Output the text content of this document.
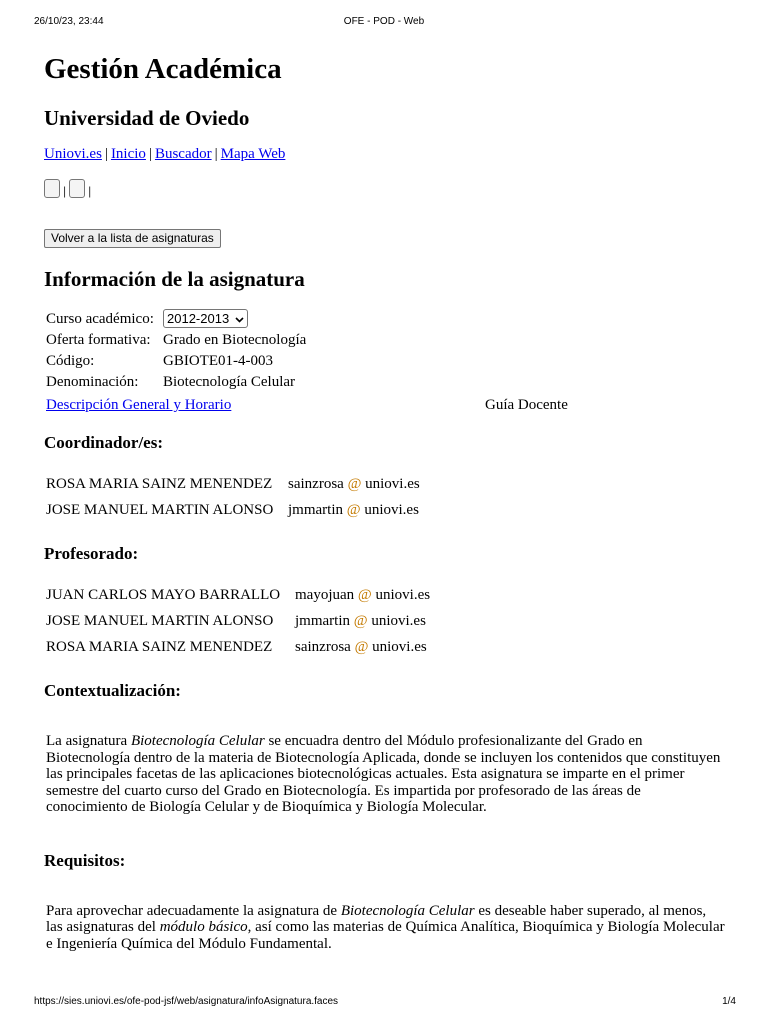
26/10/23, 23:44	OFE - POD - Web
Gestión Académica
Universidad de Oviedo
Uniovi.es | Inicio | Buscador | Mapa Web
| |
Volver a la lista de asignaturas
Información de la asignatura
Curso académico:	2012-2013

Oferta formativa:	Grado en Biotecnología
Código:	GBIOTE01-4-003
Denominación:	Biotecnología Celular
Descripción General y Horario	Guía Docente
Coordinador/es:
ROSA MARIA SAINZ MENENDEZ sainzrosa @ uniovi.es
JOSE MANUEL MARTIN ALONSO jmmartin @ uniovi.es
Profesorado:
JUAN CARLOS MAYO BARRALLO mayojuan @ uniovi.es
JOSE MANUEL MARTIN ALONSO jmmartin @ uniovi.es
ROSA MARIA SAINZ MENENDEZ sainzrosa @ uniovi.es
Contextualización:
La asignatura Biotecnología Celular se encuadra dentro del Módulo profesionalizante del Grado en Biotecnología dentro de la materia de Biotecnología Aplicada, donde se incluyen los contenidos que constituyen las principales facetas de las aplicaciones biotecnológicas actuales. Esta asignatura se imparte en el primer semestre del cuarto curso del Grado en Biotecnología. Es impartida por profesorado de las áreas de conocimiento de Biología Celular y de Bioquímica y Biología Molecular.
Requisitos:
Para aprovechar adecuadamente la asignatura de Biotecnología Celular es deseable haber superado, al menos, las asignaturas del módulo básico, así como las materias de Química Analítica, Bioquímica y Biología Molecular e Ingeniería Química del Módulo Fundamental.
https://sies.uniovi.es/ofe-pod-jsf/web/asignatura/infoAsignatura.faces	1/4
